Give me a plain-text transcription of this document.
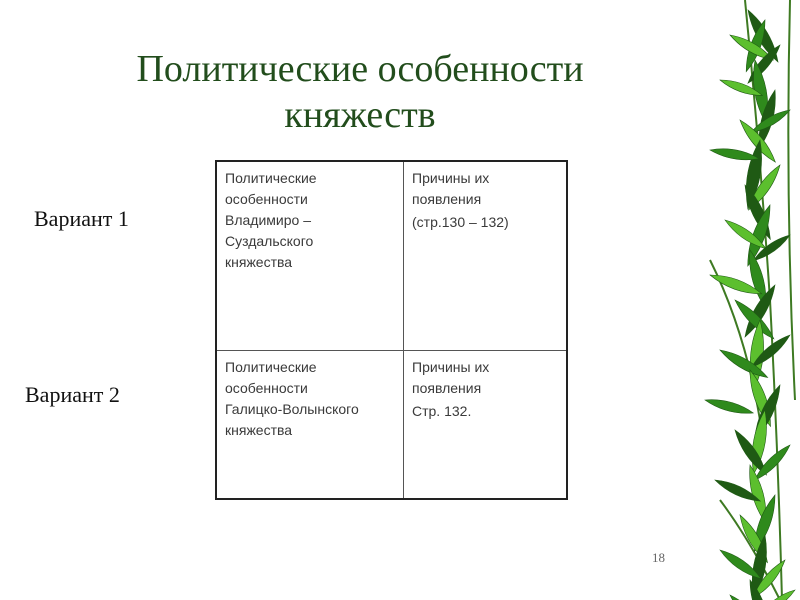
Политические особенности
княжеств
Вариант 1
Вариант 2
Политические
особенности
Владимиро –
Суздальского
княжества	Причины их
появления
(стр.130 – 132)

Политические
особенности
Галицко-Волынского
княжества	Причины их
появления
Стр. 132.
18
